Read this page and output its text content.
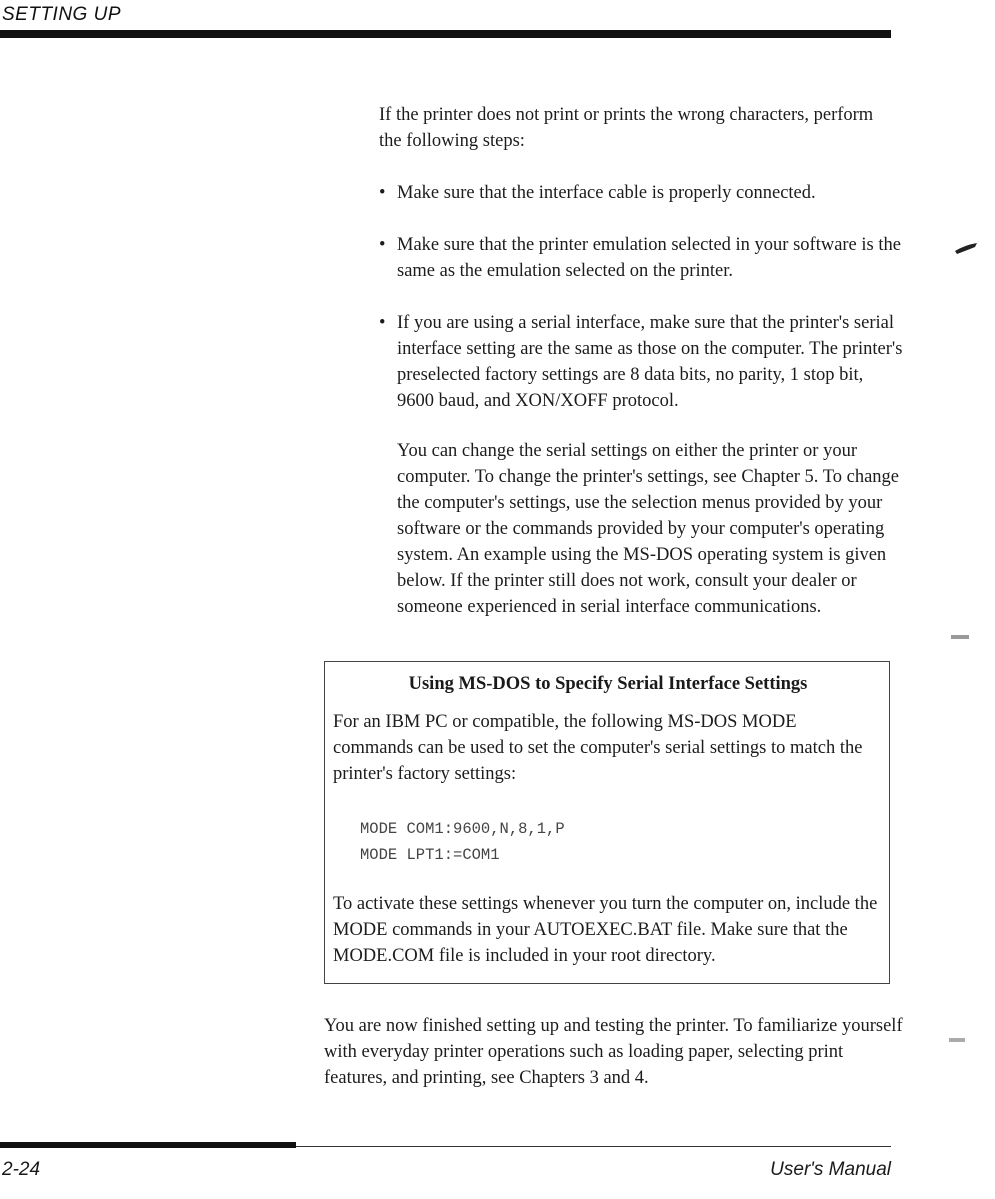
SETTING UP

If the printer does not print or prints the wrong characters, perform the following steps:

• Make sure that the interface cable is properly connected.
• Make sure that the printer emulation selected in your software is the same as the emulation selected on the printer.
• If you are using a serial interface, make sure that the printer's serial interface setting are the same as those on the computer. The printer's preselected factory settings are 8 data bits, no parity, 1 stop bit, 9600 baud, and XON/XOFF protocol.
You can change the serial settings on either the printer or your computer. To change the printer's settings, see Chapter 5. To change the computer's settings, use the selection menus provided by your software or the commands provided by your computer's operating system. An example using the MS-DOS operating system is given below. If the printer still does not work, consult your dealer or someone experienced in serial interface communications.
Using MS-DOS to Specify Serial Interface Settings
For an IBM PC or compatible, the following MS-DOS MODE commands can be used to set the computer's serial settings to match the printer's factory settings:
MODE COM1:9600,N,8,1,P
MODE LPT1:=COM1
To activate these settings whenever you turn the computer on, include the MODE commands in your AUTOEXEC.BAT file. Make sure that the MODE.COM file is included in your root directory.

You are now finished setting up and testing the printer. To familiarize yourself with everyday printer operations such as loading paper, selecting print features, and printing, see Chapters 3 and 4.

2-24	User's Manual
